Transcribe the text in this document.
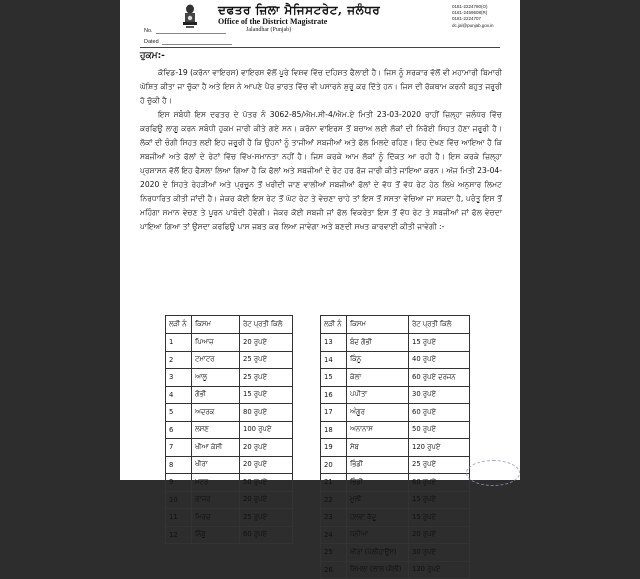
ਦਫਤਰ ਜ਼ਿਲਾ ਮੈਜਿਸਟਰੇਟ, ਜਲੰਧਰ
Office of the District Magistrate
Jalandhar (Punjab)
0181-2224780(O)
0181-2459608(R)
0181-2224707
dc.jal@punjab.gov.in
No.
Dated
ਹੁਕਮ:-

ਕੋਵਿਡ-19 (ਕਰੋਨਾ ਵਾਇਰਸ) ਵਾਇਰਸ ਵੱਲੋਂ ਪੂਰੇ ਵਿਸ਼ਵ ਵਿੱਚ ਦਹਿਸ਼ਤ ਫੈਲਾਈ ਹੈ। ਜਿਸ ਨੂੰ ਸਰਕਾਰ ਵੱਲੋਂ ਵੀ ਮਹਾਮਾਰੀ ਬਿਮਾਰੀ ਘੋਸ਼ਿਤ ਕੀਤਾ ਜਾ ਚੁੱਕਾ ਹੈ ਅਤੇ ਇਸ ਨੇ ਆਪਣੇ ਪੈਰ ਭਾਰਤ ਵਿੱਚ ਵੀ ਪਸਾਰਨੇ ਸ਼ੁਰੂ ਕਰ ਦਿੱਤੇ ਹਨ। ਜਿਸ ਦੀ ਰੋਕਥਾਮ ਕਰਨੀ ਬਹੁਤ ਜਰੂਰੀ ਹੋ ਚੁੱਕੀ ਹੈ।

ਇਸ ਸਬੰਧੀ ਇਸ ਦਫਤਰ ਦੇ ਪੱਤਰ ਨੰ 3062-85/ਐਮ.ਸੀ-4/ਐਮ.ਏ ਮਿਤੀ 23-03-2020 ਰਾਹੀਂ ਜ਼ਿਲ੍ਹਾ ਜਲੰਧਰ ਵਿੱਚ ਕਰਫਿਊ ਲਾਗੂ ਕਰਨ ਸਬੰਧੀ ਹੁਕਮ ਜਾਰੀ ਕੀਤੇ ਗਏ ਸਨ। ਕਰੋਨਾ ਵਾਇਰਸ ਤੋਂ ਬਚਾਅ ਲਈ ਲੋਕਾਂ ਦੀ ਨਿਰੋਈ ਸਿਹਤ ਹੋਣਾ ਜਰੂਰੀ ਹੈ। ਲੋਕਾਂ ਦੀ ਚੰਗੀ ਸਿਹਤ ਲਈ ਇਹ ਜਰੂਰੀ ਹੈ ਕਿ ਉਹਨਾਂ ਨੂੰ ਤਾਜੀਆਂ ਸਬਜੀਆਂ ਅਤੇ ਫੱਲ ਮਿਲਦੇ ਰਹਿਣ। ਇਹ ਦੇਖਣ ਵਿੱਚ ਆਇਆ ਹੈ ਕਿ ਸਬਜੀਆਂ ਅਤੇ ਫੱਲਾਂ ਦੇ ਰੇਟਾਂ ਵਿੱਚ ਵਿੱਖ-ਸਮਾਨਤਾ ਨਹੀਂ ਹੈ। ਜਿਸ ਕਰਕੇ ਆਮ ਲੋਕਾਂ ਨੂੰ ਦਿੱਕਤ ਆ ਰਹੀ ਹੈ। ਇਸ ਕਰਕੇ ਜ਼ਿਲ੍ਹਾ ਪ੍ਰਸ਼ਾਸਨ ਵੱਲੋਂ ਇਹ ਫੈਸਲਾ ਲਿਆ ਗਿਆ ਹੈ ਕਿ ਫੱਲਾਂ ਅਤੇ ਸਬਜੀਆਂ ਦੇ ਰੇਟ ਹਰ ਰੋਜ ਜਾਰੀ ਕੀਤੇ ਜਾਇਆ ਕਰਨ। ਅੱਜ ਮਿਤੀ 23-04-2020 ਦੇ ਸਿਹਤੇ ਰੇਹੜੀਆਂ ਅਤੇ ਪ੍ਰਚੂਨ ਤੋਂ ਖਰੀਦੀ ਜਾਣ ਵਾਲੀਆਂ ਸਬਜੀਆਂ ਫੱਲਾਂ ਦੇ ਵੱਧ ਤੋਂ ਵੱਧ ਰੇਟ ਹੇਠ ਲਿਖੇ ਅਨੁਸਾਰ ਲਿਮਟ ਨਿਰਧਾਰਿਤ ਕੀਤੀ ਜਾਂਦੀ ਹੈ। ਜੇਕਰ ਕੋਈ ਇਸ ਰੇਟ ਤੋਂ ਘੱਟ ਰੇਟ ਤੇ ਵੇਚਣਾ ਚਾਹੇ ਤਾਂ ਇਸ ਤੋਂ ਸਸਤਾ ਵੇਚਿਆ ਜਾ ਸਕਦਾ ਹੈ, ਪਰੰਤੂ ਇਸ ਤੋਂ ਮਹਿੰਗਾ ਸਮਾਨ ਵੇਚਣ ਤੇ ਪੂਰਨ ਪਾਬੰਦੀ ਹੋਵੇਗੀ। ਜੇਕਰ ਕੋਈ ਸਬਜੀ ਜਾਂ ਫੱਲ ਵਿਕਰੇਤਾ ਇਸ ਤੋਂ ਵੱਧ ਰੇਟ ਤੇ ਸਬਜੀਆਂ ਜਾਂ ਫੱਲ ਵੇਚਦਾ ਪਾਇਆ ਗਿਆ ਤਾਂ ਉਸਦਾ ਕਰਫਿਊ ਪਾਸ ਜਬਤ ਕਰ ਲਿਆ ਜਾਵੇਗਾ ਅਤੇ ਬਣਦੀ ਸਖਤ ਕਾਰਵਾਈ ਕੀਤੀ ਜਾਵੇਗੀ :-

ਲੜੀ ਨੰ	ਕਿਸਮ	ਰੇਟ ਪ੍ਰਤੀ ਕਿਲੋ
1	ਪਿਆਜ਼	20 ਰੁਪਏ
2	ਟਮਾਟਰ	25 ਰੁਪਏ
3	ਆਲੂ	25 ਰੁਪਏ
4	ਗੋਭੀ	15 ਰੁਪਏ
5	ਅਦਰਕ	80 ਰੁਪਏ
6	ਲਸਣ	100 ਰੁਪਏ
7	ਖੀਆ ਕੇਸੀ	20 ਰੁਪਏ
8	ਖੀਰਾ	20 ਰੁਪਏ
9	ਮਟਰ	50 ਰੁਪਏ
10	ਗਾਜਰ	20 ਰੁਪਏ
11	ਮਿਰਚ	25 ਰੁਪਏ
12	ਨਿੰਬੂ	60 ਰੁਪਏ
ਲੜੀ ਨੰ	ਕਿਸਮ	ਰੇਟ ਪ੍ਰਤੀ ਕਿਲੋ
13	ਬੰਦ ਗੋਭੀ	15 ਰੁਪਏ
14	ਕਿੰਨੂ	40 ਰੁਪਏ
15	ਕੇਲਾ	60 ਰੁਪਏ ਦਰਜਨ
16	ਪਪੀਤਾ	30 ਰੁਪਏ
17	ਅੰਗੂਰ	60 ਰੁਪਏ
18	ਅਨਾਨਾਸ	50 ਰੁਪਏ
19	ਸੇਬ	120 ਰੁਪਏ
20	ਭਿੰਡੀ	25 ਰੁਪਏ
21	ਭਿੰਡੀ	60 ਰੁਪਏ
22	ਮੂਲੀ	15 ਰੁਪਏ
23	ਹਲਵਾ ਕੱਦੂ	15 ਰੁਪਏ
24	ਧਨੀਆ	20 ਰੁਪਏ
25	ਖੀਰਾ (ਪੋਲੀਹਾਊਸ)	30 ਰੁਪਏ
26	ਸ਼ਿਮਲਾ (ਲਾਲ ਪੀਲੀ)	120 ਰੁਪਏ
